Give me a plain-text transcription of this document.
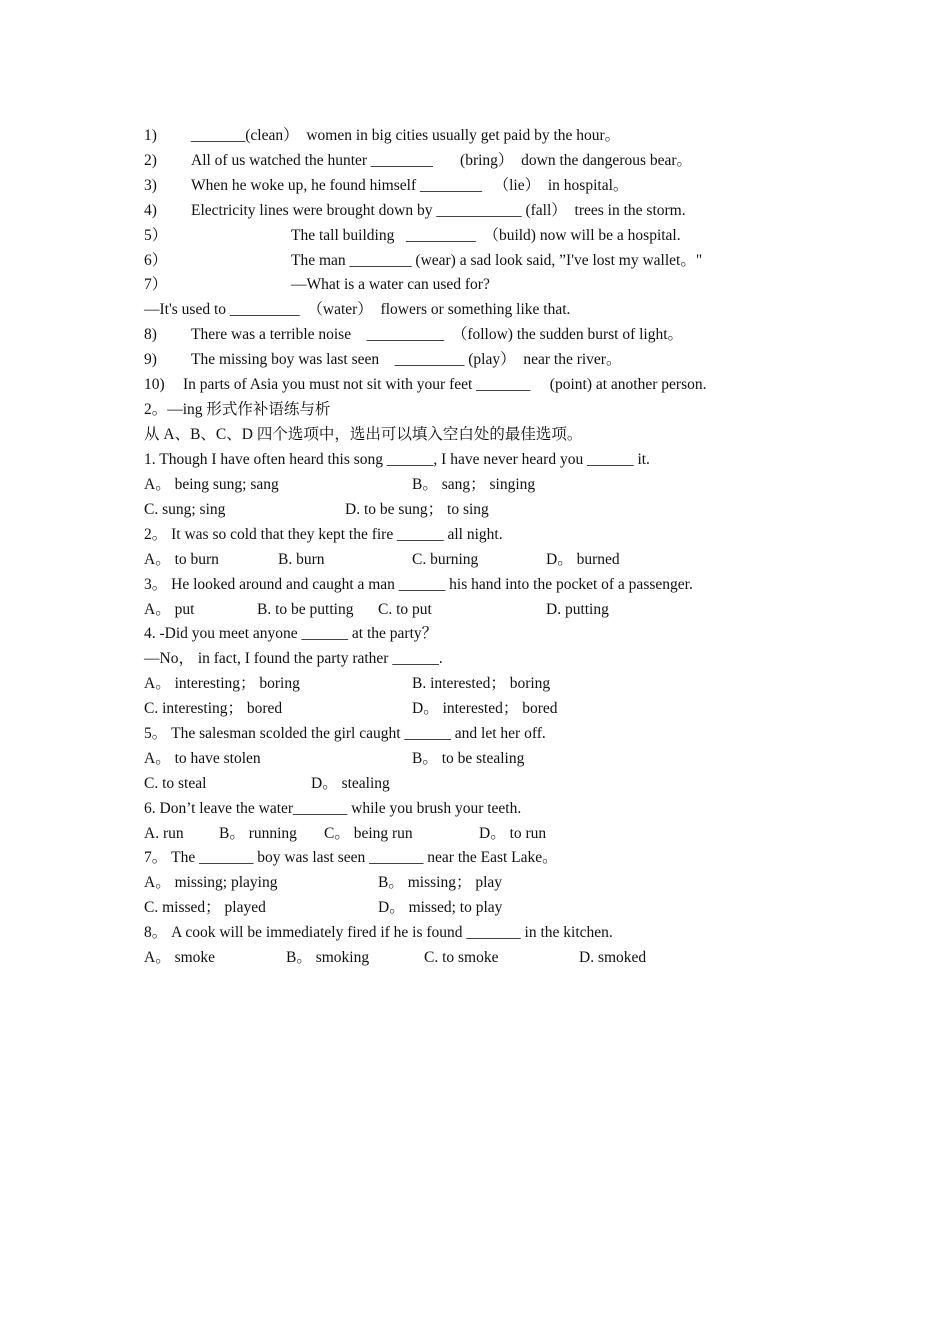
1)

_______(clean）  women in big cities usually get paid by the hour。

2)

All of us watched the hunter ________       (bring）  down the dangerous bear。

3)

When he woke up, he found himself ________   （lie）  in hospital。

4)

Electricity lines were brought down by ___________ (fall）  trees in the storm.

5）

	The tall building   _________  （build) now will be a hospital.

6）

	The man ________ (wear) a sad look said, ”I've lost my wallet。"

7）

	—What is a water can used for?

—It's used to _________  （water）  flowers or something like that.

8)

There was a terrible noise    __________  （follow) the sudden burst of light。

9)

The missing boy was last seen    _________ (play）  near the river。

10)

In parts of Asia you must not sit with your feet _______     (point) at another person.

2。—ing 形式作补语练与析
从 A、B、C、D 四个选项中，选出可以填入空白处的最佳选项。
1. Though I have often heard this song ______, I have never heard you ______ it.

A。 being sung; sang

	B。 sang； singing

C. sung; sing

	D. to be sung； to sing

2。 It was so cold that they kept the fire ______ all night.

A。 to burn

	B. burn

	C. burning

	D。 burned

3。 He looked around and caught a man ______ his hand into the pocket of a passenger.

A。 put

	B. to be putting

C. to put

	D. putting

4. -Did you meet anyone ______ at the party？
—No， in fact, I found the party rather ______.

A。 interesting； boring

	B. interested； boring

C. interesting； bored

	D。 interested； bored

5。 The salesman scolded the girl caught ______ and let her off.

A。 to have stolen

	B。 to be stealing

C. to steal

	D。 stealing

6. Don’t leave the water_______ while you brush your teeth.

A. run

B。 running

C。 being run

	D。 to run

7。 The _______ boy was last seen _______ near the East Lake。

A。 missing; playing

	B。 missing； play

C. missed； played

	D。 missed; to play

8。 A cook will be immediately fired if he is found _______ in the kitchen.

A。 smoke

	B。 smoking

	C. to smoke

	D. smoked
